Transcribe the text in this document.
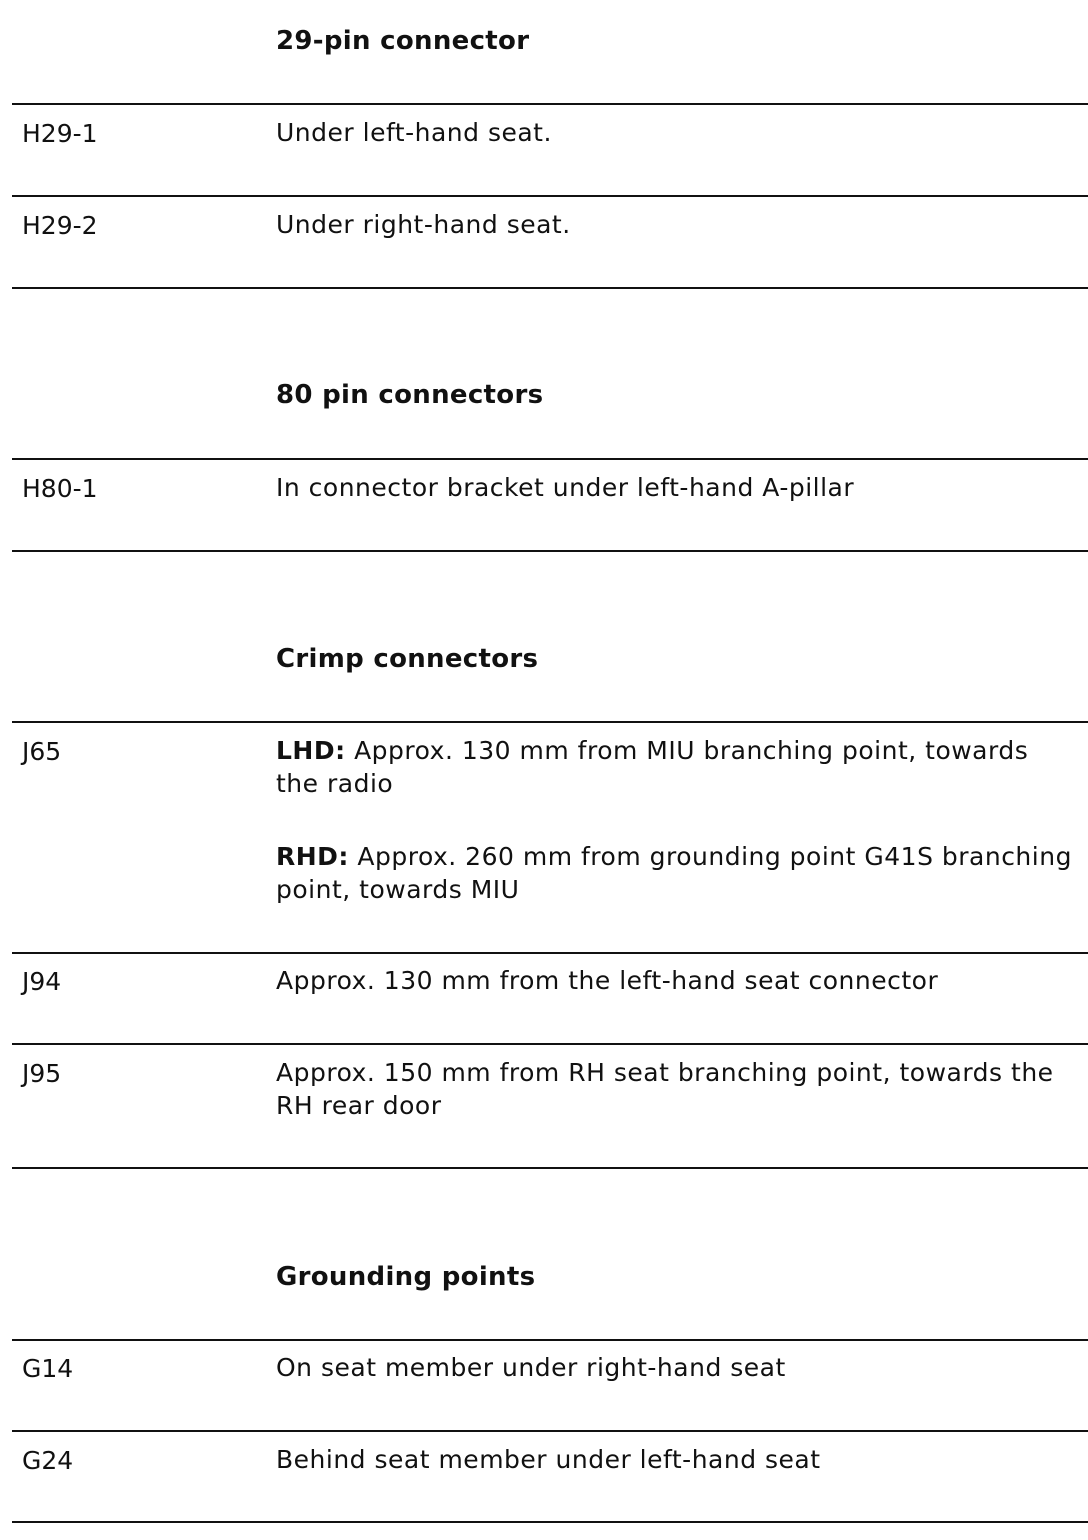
29-pin connector
H29-1	Under left-hand seat.
H29-2	Under right-hand seat.
80 pin connectors
H80-1	In connector bracket under left-hand A-pillar
Crimp connectors
J65	LHD: Approx. 130 mm from MIU branching point, towards the radio
RHD: Approx. 260 mm from grounding point G41S branching point, towards MIU
J94	Approx. 130 mm from the left-hand seat connector
J95	Approx. 150 mm from RH seat branching point, towards the RH rear door
Grounding points
G14	On seat member under right-hand seat
G24	Behind seat member under left-hand seat
